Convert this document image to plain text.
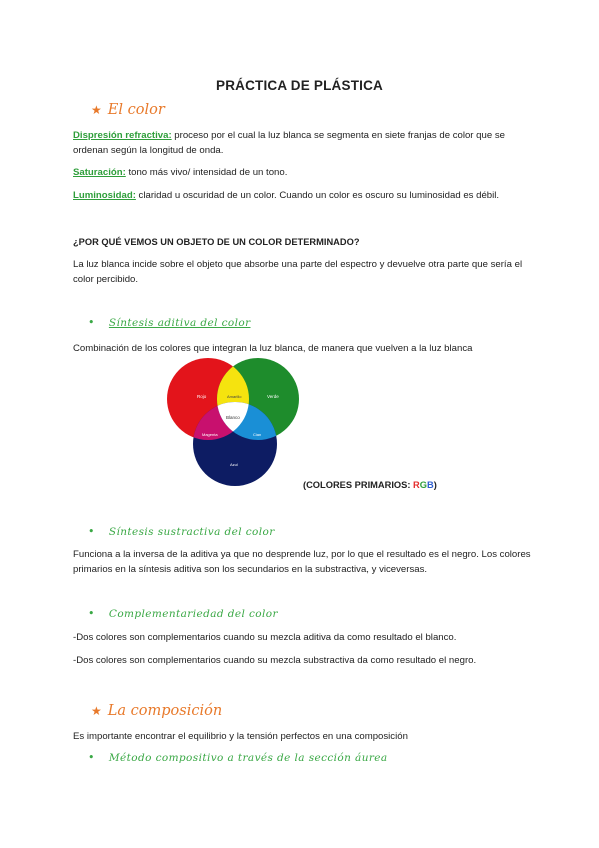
PRÁCTICA DE PLÁSTICA
★ El color
Dispresión refractiva: proceso por el cual la luz blanca se segmenta en siete franjas de color que se ordenan según la longitud de onda.
Saturación: tono más vivo/ intensidad de un tono.
Luminosidad: claridad u oscuridad de un color. Cuando un color es oscuro su luminosidad es débil.
¿POR QUÉ VEMOS UN OBJETO DE UN COLOR DETERMINADO?
La luz blanca incide sobre el objeto que absorbe una parte del espectro y devuelve otra parte que sería el color percibido.
• Síntesis aditiva del color
Combinación de los colores que integran la luz blanca, de manera que vuelven a la luz blanca
Rojo	Amarillo	Verde
Blanco
Magenta	Cian
Azul
(COLORES PRIMARIOS: RGB)
• Síntesis sustractiva del color
Funciona a la inversa de la aditiva ya que no desprende luz, por lo que el resultado es el negro. Los colores primarios en la síntesis aditiva son los secundarios en la substractiva, y viceversas.
• Complementariedad del color
-Dos colores son complementarios cuando su mezcla aditiva da como resultado el blanco.
-Dos colores son complementarios cuando su mezcla substractiva da como resultado el negro.
★ La composición
Es importante encontrar el equilibrio y la tensión perfectos en una composición
• Método compositivo a través de la sección áurea
